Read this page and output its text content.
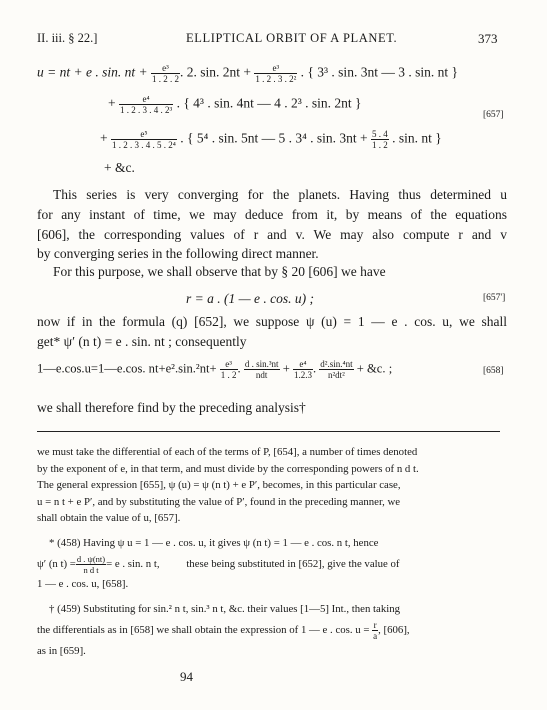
II. iii. § 22.]	ELLIPTICAL ORBIT OF A PLANET.	373
u = nt + e . sin. nt + $\frac{\text{e³}}{1 . 2 . 2}$ . 2. sin. $2nt + \frac{\text{e³}}{\text{1 . 2 . 3 . 2²}}$ . { 3³ . sin. 3nt — 3 . sin. nt }
+ $\frac{\text{e⁴}}{\text{1 . 2 . 3 . 4 . 2³}}$ . { 4³ . sin. 4nt — 4 . 2³ . sin. 2nt }
[657]
+ $\frac{\text{e⁵}}{\text{1 . 2 . 3 . 4 . 5 . 2⁴}}$ . { 5⁴ . sin. 5nt — 5 . 3⁴ . sin. $3nt + \frac{5 . 4}{1 . 2}$ . sin. nt }
+ &c.
This series is very converging for the planets. Having thus determined u
for any instant of time, we may deduce from it, by means of the equations
[606], the corresponding values of r and v. We may also compute r and v
by converging series in the following direct manner.
For this purpose, we shall observe that by § 20 [606] we have
r = a . (1 — e . cos. u) ;	[657']
now if in the formula (q) [652], we suppose ψ (u) = 1 — e . cos. u, we shall
get* ψ′ (n t) = e . sin. nt ; consequently
1—e.cos.u=1—e.cos. $nt+e^2.\sin.^2nt+ \frac{\text{e³}}{1 . 2}$ . $\frac{\text{d . sin.³nt}}{\text{ndt}} + \frac{\text{e⁴}}{1.2.3}$ . $\frac{\text{d².sin.⁴nt}}{\text{n²dt²}}$ + &c. ;	[658]
we shall therefore find by the preceding analysis†
we must take the differential of each of the terms of P, [654], a number of times denoted
by the exponent of e, in that term, and must divide by the corresponding powers of n d t.
The general expression [655], ψ (u) = ψ (n t) + e P′, becomes, in this particular case,
u = n t + e P′, and by substituting the value of P′, found in the preceding manner, we
shall obtain the value of u, [657].
* (458) Having ψ u = 1 — e . cos. u, it gives ψ (n t) = 1 — e . cos. n t, hence
ψ′ (n $t) = \frac{d . \psi(nt)}{\text{n d t}} = e$ . sin. n t, these being substituted in [652], give the value of
1 — e . cos. u, [658].
† (459) Substituting for sin.² n t, sin.³ n t, &c. their values [1—5] Int., then taking
the differentials as in [658] we shall obtain the expression of 1 — e . cos. $u = \frac{r}{a}$ , [606],
as in [659].
94
